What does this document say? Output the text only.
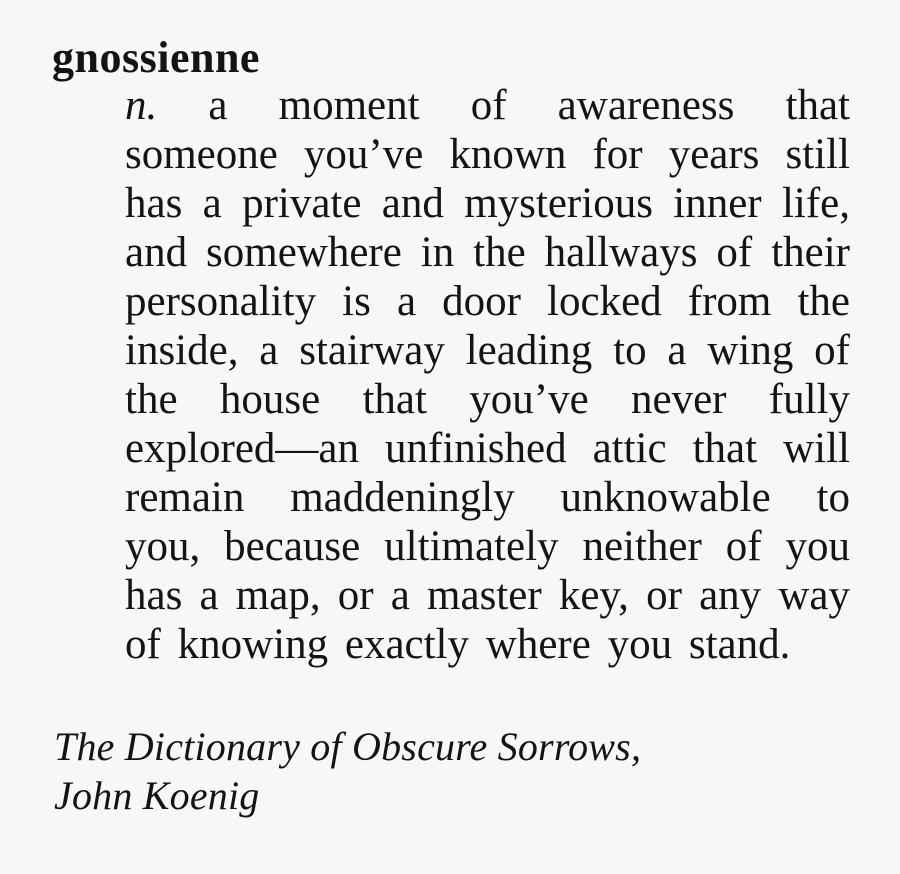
gnossienne
n. a moment of awareness that
someone you’ve known for years still
has a private and mysterious inner life,
and somewhere in the hallways of their
personality is a door locked from the
inside, a stairway leading to a wing of
the house that you’ve never fully
explored—an unfinished attic that will
remain maddeningly unknowable to
you, because ultimately neither of you
has a map, or a master key, or any way
of knowing exactly where you stand.
The Dictionary of Obscure Sorrows,
John Koenig
